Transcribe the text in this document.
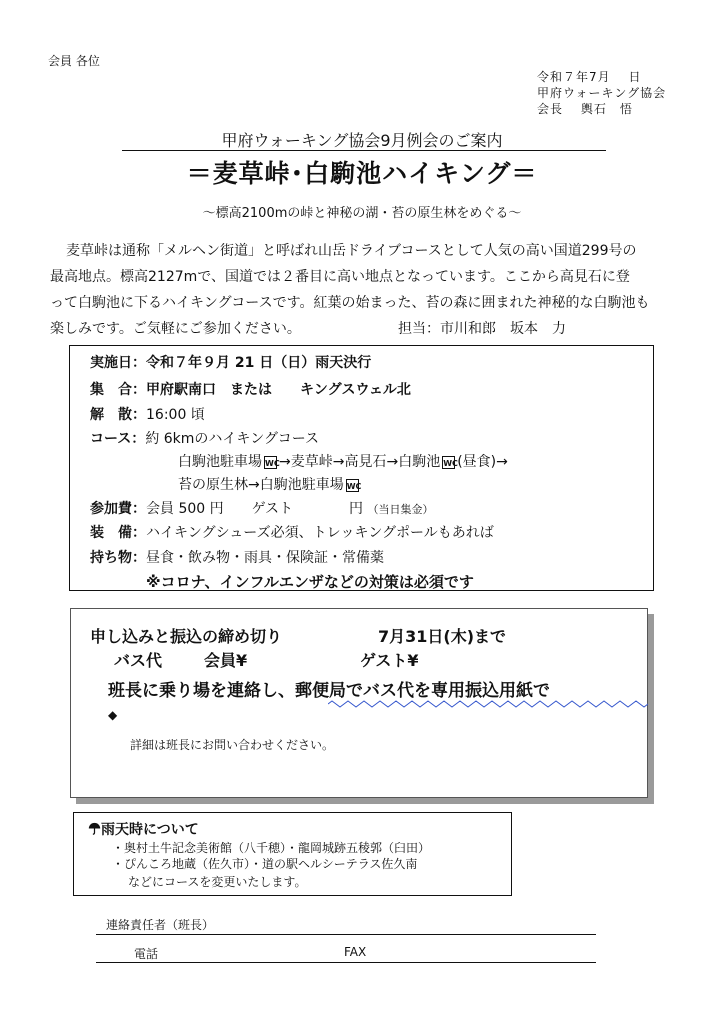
会員 各位
令和７年7月　 日
甲府ウォーキング協会
会長　 輿石　悟
甲府ウォーキング協会9月例会のご案内
＝麦草峠･白駒池ハイキング＝
～標高2100mの峠と神秘の湖・苔の原生林をめぐる～
麦草峠は通称「メルヘン街道」と呼ばれ山岳ドライブコースとして人気の高い国道299号の
最高地点。標高2127mで、国道では２番目に高い地点となっています。ここから高見石に登
って白駒池に下るハイキングコースです。紅葉の始まった、苔の森に囲まれた神秘的な白駒池も
楽しみです。ご気軽にご参加ください。	担当：市川和郎　坂本　力
実施日：令和７年９月 21 日（日）雨天決行
集　合：甲府駅南口　または　　キングスウェル北
解　散：16:00 頃
コース：約 6kmのハイキングコース
白駒池駐車場 WC→麦草峠→高見石→白駒池 WC(昼食)→
苔の原生林→白駒池駐車場 WC
参加費：会員 500 円　　ゲスト　　　　円 （当日集金）
装　備：ハイキングシューズ必須、トレッキングポールもあれば
持ち物：昼食・飲み物・雨具・保険証・常備薬
※コロナ、インフルエンザなどの対策は必須です
申し込みと振込の締め切り	7月31日(木)まで
バス代	会員¥	ゲスト¥
班長に乗り場を連絡し、郵便局でバス代を専用振込用紙で
◆
詳細は班長にお問い合わせください。
雨天時について
・奥村土牛記念美術館（八千穂）・龍岡城跡五稜郭（臼田）
・ぴんころ地蔵（佐久市）・道の駅ヘルシーテラス佐久南
などにコースを変更いたします。
連絡責任者（班長）
電話	FAX
